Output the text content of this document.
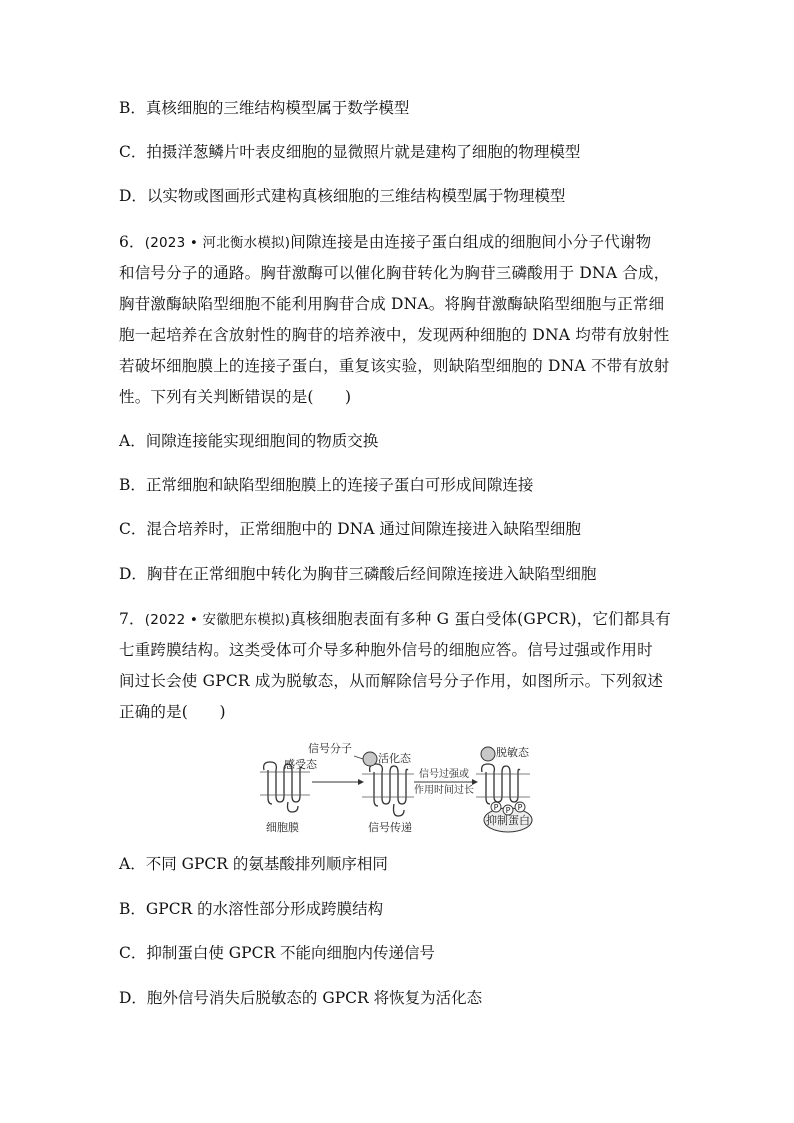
B．真核细胞的三维结构模型属于数学模型
C．拍摄洋葱鳞片叶表皮细胞的显微照片就是建构了细胞的物理模型
D．以实物或图画形式建构真核细胞的三维结构模型属于物理模型
6．(2023 • 河北衡水模拟)间隙连接是由连接子蛋白组成的细胞间小分子代谢物
和信号分子的通路。胸苷激酶可以催化胸苷转化为胸苷三磷酸用于 DNA 合成，
胸苷激酶缺陷型细胞不能利用胸苷合成 DNA。将胸苷激酶缺陷型细胞与正常细
胞一起培养在含放射性的胸苷的培养液中，发现两种细胞的 DNA 均带有放射性
若破坏细胞膜上的连接子蛋白，重复该实验，则缺陷型细胞的 DNA 不带有放射
性。下列有关判断错误的是(　　)
A．间隙连接能实现细胞间的物质交换
B．正常细胞和缺陷型细胞膜上的连接子蛋白可形成间隙连接
C．混合培养时，正常细胞中的 DNA 通过间隙连接进入缺陷型细胞
D．胸苷在正常细胞中转化为胸苷三磷酸后经间隙连接进入缺陷型细胞
7．(2022 • 安徽肥东模拟)真核细胞表面有多种 G 蛋白受体(GPCR)，它们都具有
七重跨膜结构。这类受体可介导多种胞外信号的细胞应答。信号过强或作用时
间过长会使 GPCR 成为脱敏态，从而解除信号分子作用，如图所示。下列叙述
正确的是(　　)
P P P
感受态
信号分子
活化态	脱敏态
信号过强或
作用时间过长
细胞膜	信号传递
抑制蛋白
A．不同 GPCR 的氨基酸排列顺序相同
B．GPCR 的水溶性部分形成跨膜结构
C．抑制蛋白使 GPCR 不能向细胞内传递信号
D．胞外信号消失后脱敏态的 GPCR 将恢复为活化态
